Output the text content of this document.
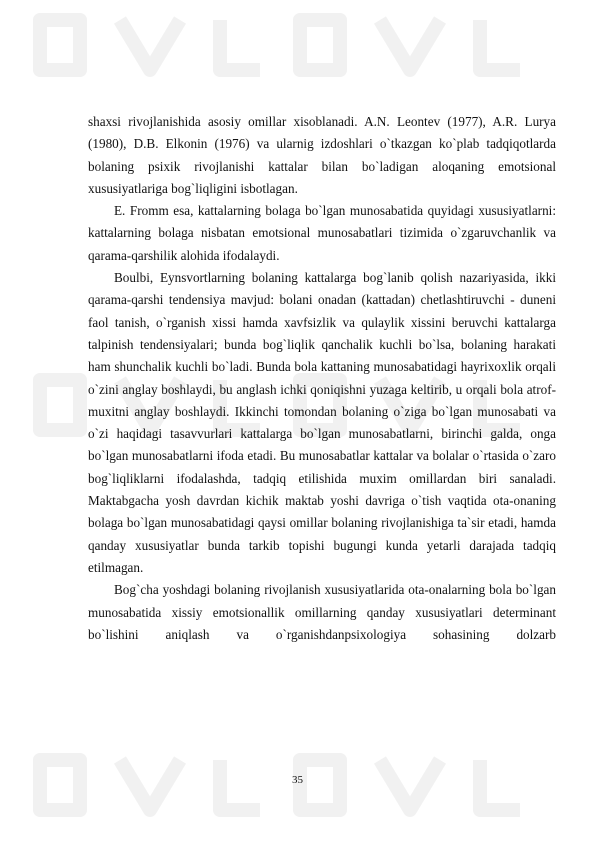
shaxsi rivojlanishida asosiy omillar xisoblanadi. A.N. Leontev (1977), A.R. Lurya (1980), D.B. Elkonin (1976) va ularnig izdoshlari o`tkazgan ko`plab tadqiqotlarda bolaning psixik rivojlanishi kattalar bilan bo`ladigan aloqaning emotsional xususiyatlariga bog`liqligini isbotlagan.

E. Fromm esa, kattalarning bolaga bo`lgan munosabatida quyidagi xususiyatlarni: kattalarning bolaga nisbatan emotsional munosabatlari tizimida o`zgaruvchanlik va qarama-qarshilik alohida ifodalaydi.

Boulbi, Eynsvortlarning bolaning kattalarga bog`lanib qolish nazariyasida, ikki qarama-qarshi tendensiya mavjud: bolani onadan (kattadan) chetlashtiruvchi - duneni faol tanish, o`rganish xissi hamda xavfsizlik va qulaylik xissini beruvchi kattalarga talpinish tendensiyalari; bunda bog`liqlik qanchalik kuchli bo`lsa, bolaning harakati ham shunchalik kuchli bo`ladi. Bunda bola kattaning munosabatidagi hayrixoxlik orqali o`zini anglay boshlaydi, bu anglash ichki qoniqishni yuzaga keltirib, u orqali bola atrof-muxitni anglay boshlaydi. Ikkinchi tomondan bolaning o`ziga bo`lgan munosabati va o`zi haqidagi tasavvurlari kattalarga bo`lgan munosabatlarni, birinchi galda, onga bo`lgan munosabatlarni ifoda etadi. Bu munosabatlar kattalar va bolalar o`rtasida o`zaro bog`liqliklarni ifodalashda, tadqiq etilishida muxim omillardan biri sanaladi. Maktabgacha yosh davrdan kichik maktab yoshi davriga o`tish vaqtida ota-onaning bolaga bo`lgan munosabatidagi qaysi omillar bolaning rivojlanishiga ta`sir etadi, hamda qanday xususiyatlar bunda tarkib topishi bugungi kunda yetarli darajada tadqiq etilmagan.

Bog`cha yoshdagi bolaning rivojlanish xususiyatlarida ota-onalarning bola bo`lgan munosabatida xissiy emotsionallik omillarning qanday xususiyatlari determinant bo`lishini aniqlash va o`rganishdanpsixologiya sohasining dolzarb

35
